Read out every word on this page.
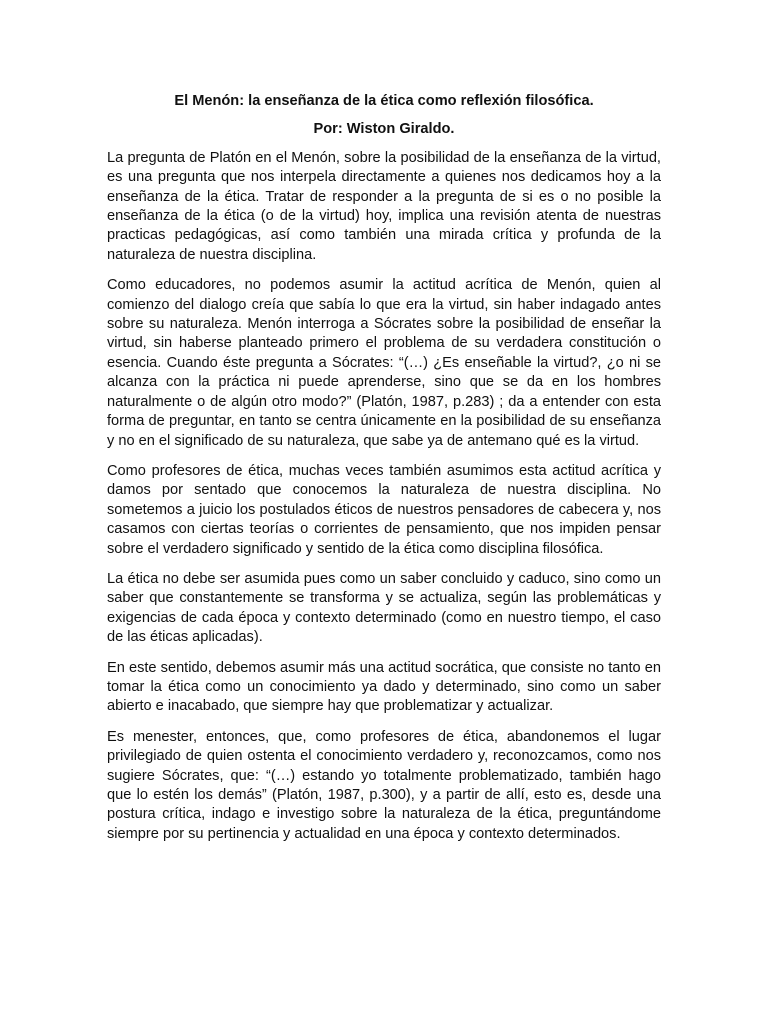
El Menón: la enseñanza de la ética como reflexión filosófica.

Por: Wiston Giraldo.

La pregunta de Platón en el Menón, sobre la posibilidad de la enseñanza de la virtud, es una pregunta que nos interpela directamente a quienes nos dedicamos hoy a la enseñanza de la ética. Tratar de responder a la pregunta de si es o no posible la enseñanza de la ética (o de la virtud) hoy, implica una revisión atenta de nuestras practicas pedagógicas, así como también una mirada crítica y profunda de la naturaleza de nuestra disciplina.

Como educadores, no podemos asumir la actitud acrítica de Menón, quien al comienzo del dialogo creía que sabía lo que era la virtud, sin haber indagado antes sobre su naturaleza. Menón interroga a Sócrates sobre la posibilidad de enseñar la virtud, sin haberse planteado primero el problema de su verdadera constitución o esencia. Cuando éste pregunta a Sócrates: “(…) ¿Es enseñable la virtud?, ¿o ni se alcanza con la práctica ni puede aprenderse, sino que se da en los hombres naturalmente o de algún otro modo?” (Platón, 1987, p.283) ; da a entender con esta forma de preguntar, en tanto se centra únicamente en la posibilidad de su enseñanza y no en el significado de su naturaleza, que sabe ya de antemano qué es la virtud.

Como profesores de ética, muchas veces también asumimos esta actitud acrítica y damos por sentado que conocemos la naturaleza de nuestra disciplina. No sometemos a juicio los postulados éticos de nuestros pensadores de cabecera y, nos casamos con ciertas teorías o corrientes de pensamiento, que nos impiden pensar sobre el verdadero significado y sentido de la ética como disciplina filosófica.

La ética no debe ser asumida pues como un saber concluido y caduco, sino como un saber que constantemente se transforma y se actualiza, según las problemáticas y exigencias de cada época y contexto determinado (como en nuestro tiempo, el caso de las éticas aplicadas).

En este sentido, debemos asumir más una actitud socrática, que consiste no tanto en tomar la ética como un conocimiento ya dado y determinado, sino como un saber abierto e inacabado, que siempre hay que problematizar y actualizar.

Es menester, entonces, que, como profesores de ética, abandonemos el lugar privilegiado de quien ostenta el conocimiento verdadero y, reconozcamos, como nos sugiere Sócrates, que: “(…) estando yo totalmente problematizado, también hago que lo estén los demás” (Platón, 1987, p.300), y a partir de allí, esto es, desde una postura crítica, indago e investigo sobre la naturaleza de la ética, preguntándome siempre por su pertinencia y actualidad en una época y contexto determinados.
